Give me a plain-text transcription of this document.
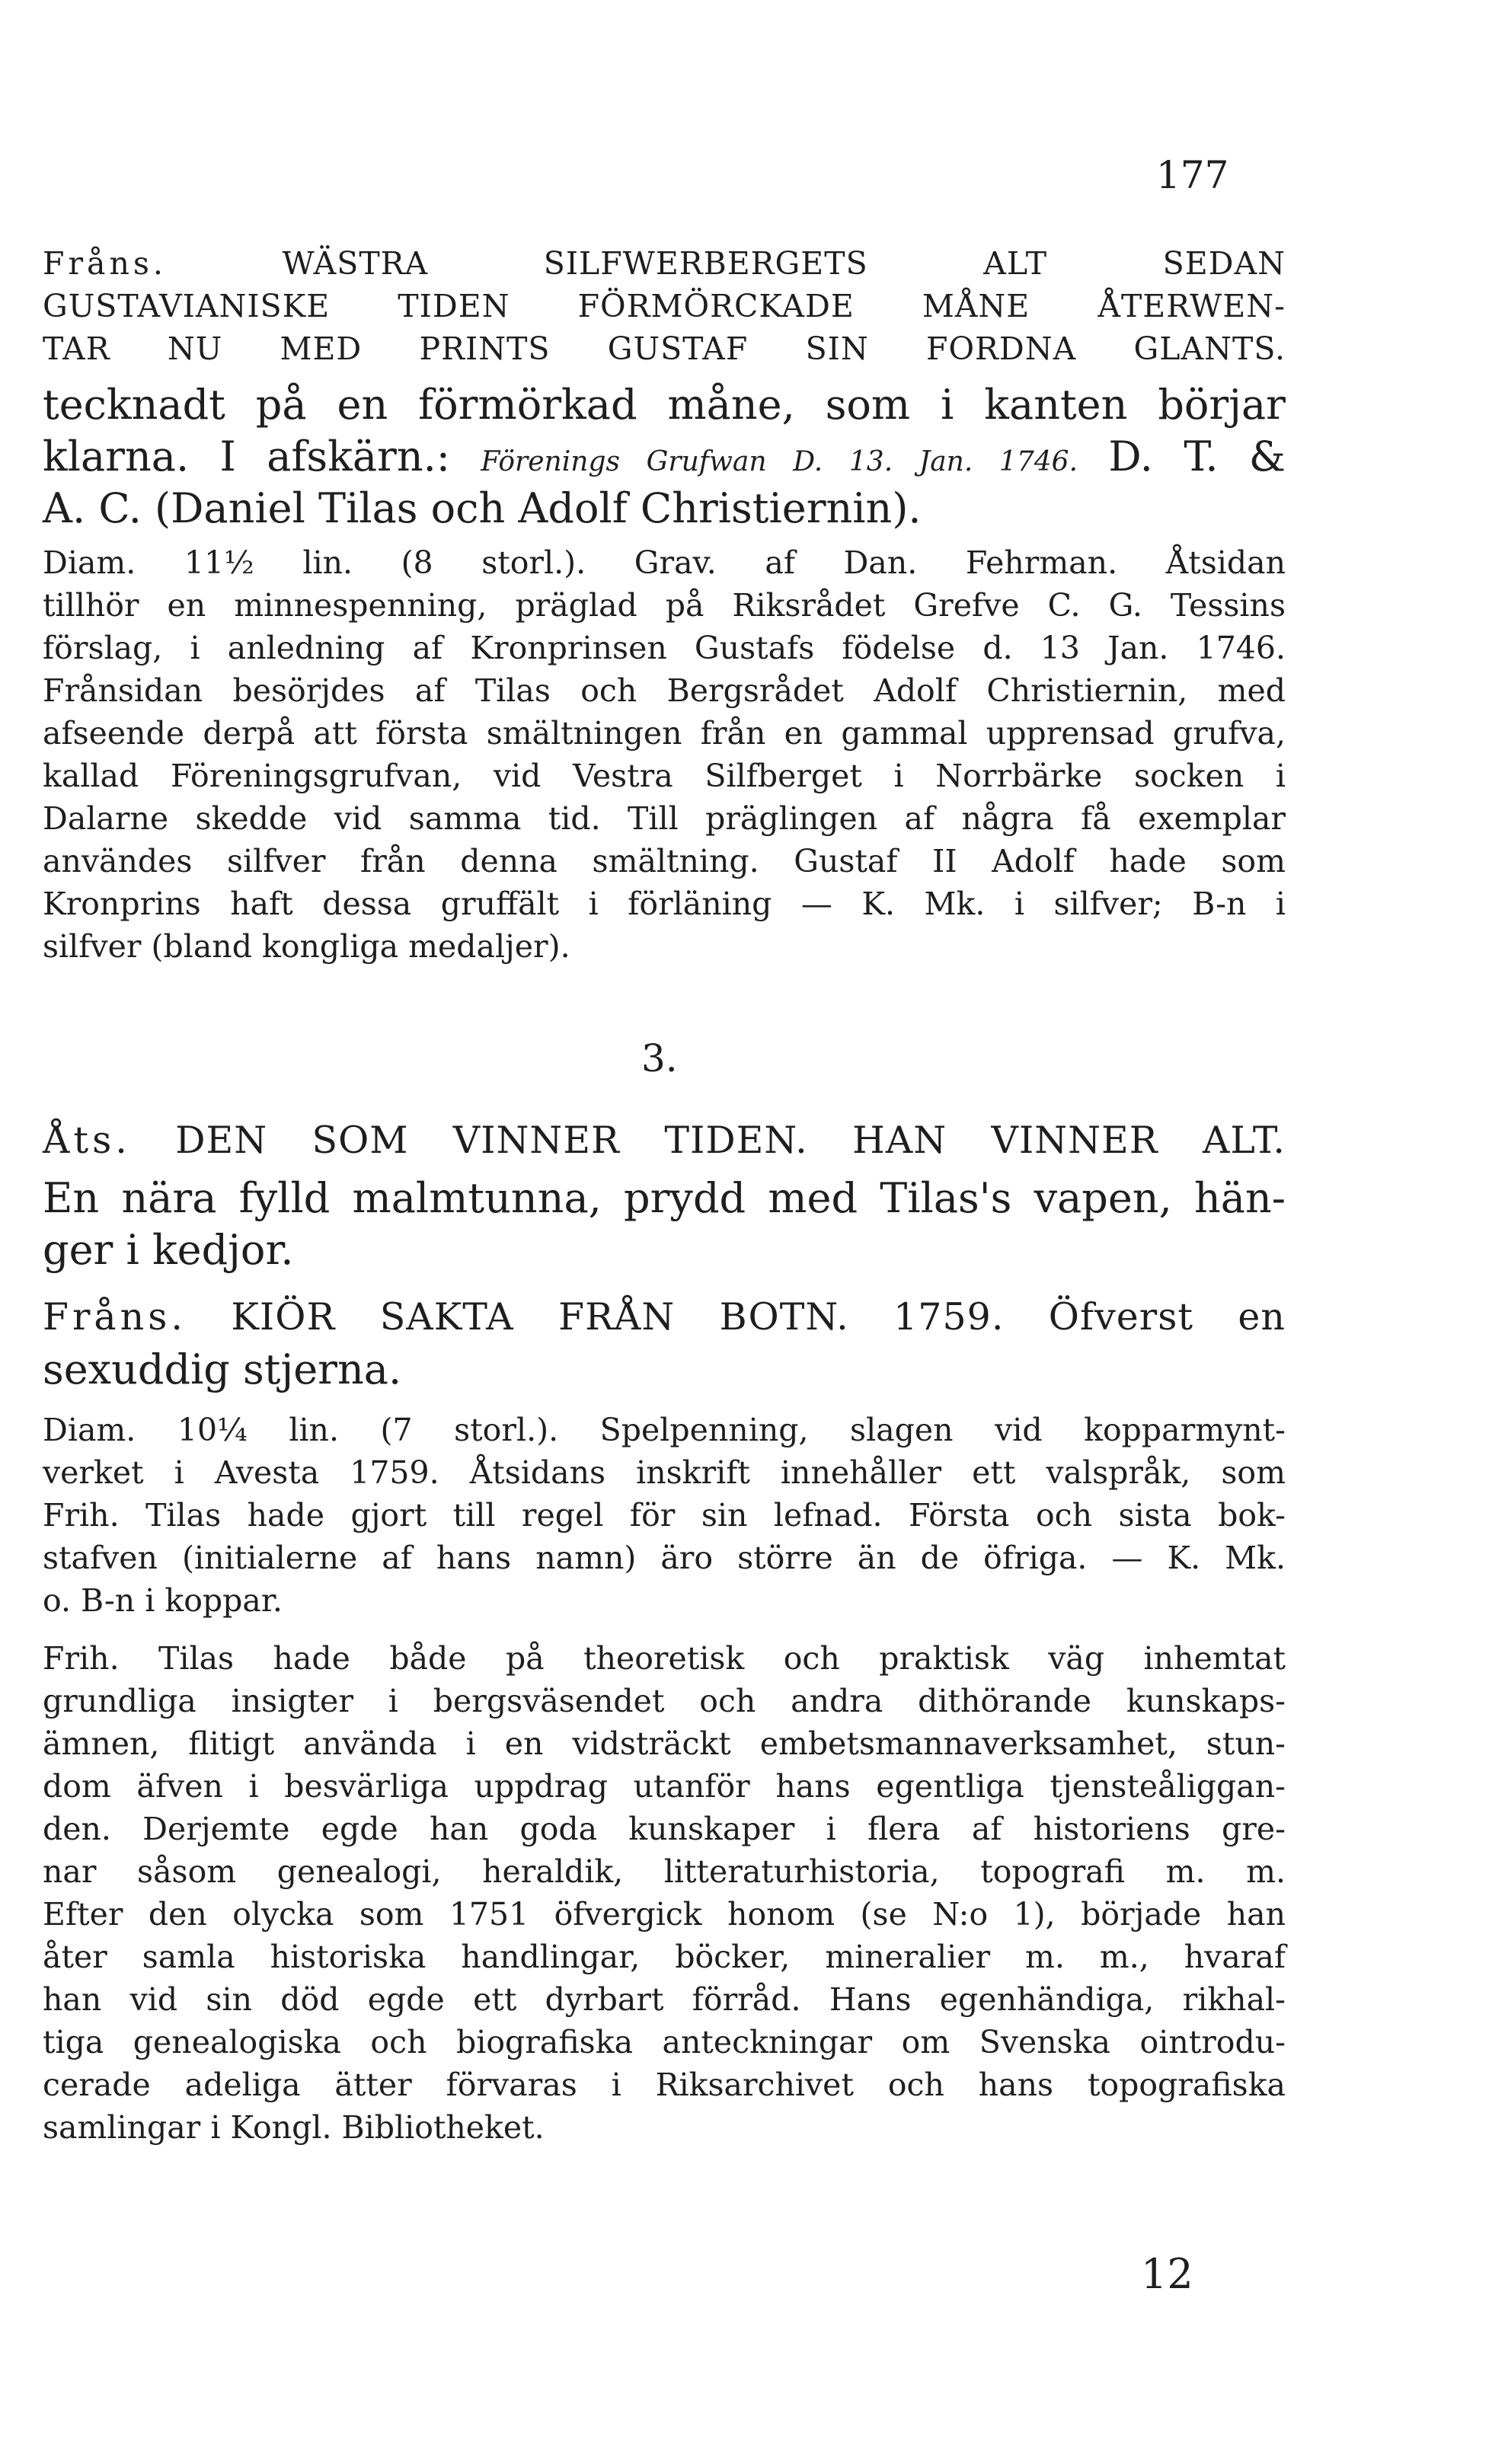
177

Fråns. WÄSTRA SILFWERBERGETS ALT SEDAN

GUSTAVIANISKE TIDEN FÖRMÖRCKADE MÅNE ÅTERWEN-

TAR NU MED PRINTS GUSTAF SIN FORDNA GLANTS.

tecknadt på en förmörkad måne, som i kanten börjar

klarna. I afskärn.: Förenings Grufwan D. 13. Jan. 1746. D. T. &

A. C. (Daniel Tilas och Adolf Christiernin).

Diam. 11½ lin. (8 storl.). Grav. af Dan. Fehrman. Åtsidan

tillhör en minnespenning, präglad på Riksrådet Grefve C. G. Tessins

förslag, i anledning af Kronprinsen Gustafs födelse d. 13 Jan. 1746.

Frånsidan besörjdes af Tilas och Bergsrådet Adolf Christiernin, med

afseende derpå att första smältningen från en gammal upprensad grufva,

kallad Föreningsgrufvan, vid Vestra Silfberget i Norrbärke socken i

Dalarne skedde vid samma tid. Till präglingen af några få exemplar

användes silfver från denna smältning. Gustaf II Adolf hade som

Kronprins haft dessa gruffält i förläning — K. Mk. i silfver; B-n i

silfver (bland kongliga medaljer).

3.

Åts. DEN SOM VINNER TIDEN. HAN VINNER ALT.

En nära fylld malmtunna, prydd med Tilas's vapen, hän-

ger i kedjor.

Fråns. KIÖR SAKTA FRÅN BOTN. 1759. Öfverst en

sexuddig stjerna.

Diam. 10¼ lin. (7 storl.). Spelpenning, slagen vid kopparmynt-

verket i Avesta 1759. Åtsidans inskrift innehåller ett valspråk, som

Frih. Tilas hade gjort till regel för sin lefnad. Första och sista bok-

stafven (initialerne af hans namn) äro större än de öfriga. — K. Mk.

o. B-n i koppar.

Frih. Tilas hade både på theoretisk och praktisk väg inhemtat

grundliga insigter i bergsväsendet och andra dithörande kunskaps-

ämnen, flitigt använda i en vidsträckt embetsmannaverksamhet, stun-

dom äfven i besvärliga uppdrag utanför hans egentliga tjensteåliggan-

den. Derjemte egde han goda kunskaper i flera af historiens gre-

nar såsom genealogi, heraldik, litteraturhistoria, topografi m. m.

Efter den olycka som 1751 öfvergick honom (se N:o 1), började han

åter samla historiska handlingar, böcker, mineralier m. m., hvaraf

han vid sin död egde ett dyrbart förråd. Hans egenhändiga, rikhal-

tiga genealogiska och biografiska anteckningar om Svenska ointrodu-

cerade adeliga ätter förvaras i Riksarchivet och hans topografiska

samlingar i Kongl. Bibliotheket.

12
